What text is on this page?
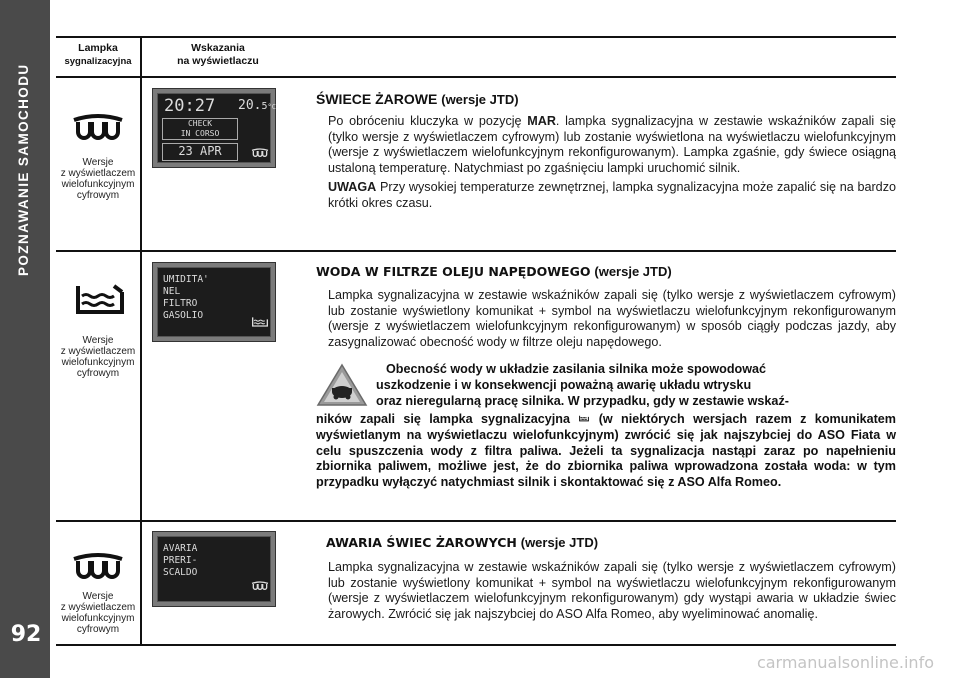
POZNAWANIE SAMOCHODU
92
Lampka
sygnalizacyjna
Wskazania
na wyświetlaczu
Wersje
z wyświetlaczem
wielofunkcyjnym
cyfrowym
20:27 20.5°C
CHECK
IN CORSO
23 APR
ŚWIECE ŻAROWE (wersje JTD)
Po obróceniu kluczyka w pozycję MAR. lampka sygnalizacyjna w zestawie wskaźników zapali się (tylko wersje z wyświetlaczem cyfrowym) lub zostanie wyświetlona na wyświetlaczu wielofunkcyjnym (wersje z wyświetlaczem wielofunkcyjnym rekonfigurowanym). Lampka zgaśnie, gdy świece osiągną ustaloną temperaturę. Natychmiast po zgaśnięciu lampki uruchomić silnik.
UWAGA Przy wysokiej temperaturze zewnętrznej, lampka sygnalizacyjna może zapalić się na bardzo krótki okres czasu.
Wersje
z wyświetlaczem
wielofunkcyjnym
cyfrowym
UMIDITA'
NEL
FILTRO
GASOLIO
WODA W FILTRZE OLEJU NAPĘDOWEGO (wersje JTD)
Lampka sygnalizacyjna w zestawie wskaźników zapali się (tylko wersje z wyświetlaczem cyfrowym) lub zostanie wyświetlony komunikat + symbol na wyświetlaczu wielofunkcyjnym rekonfigurowanym (wersje z wyświetlaczem wielofunkcyjnym rekonfigurowanym) w sposób ciągły podczas jazdy, aby zasygnalizować obecność wody w filtrze oleju napędowego.
Obecność wody w układzie zasilania silnika może spowodować
uszkodzenie i w konsekwencji poważną awarię układu wtrysku
oraz nieregularną pracę silnika. W przypadku, gdy w zestawie wskaź-
ników zapali się lampka sygnalizacyjna  (w niektórych wersjach razem z komunikatem wyświetlanym na wyświetlaczu wielofunkcyjnym) zwrócić się jak najszybciej do ASO Fiata w celu spuszczenia wody z filtra paliwa. Jeżeli ta sygnalizacja nastąpi zaraz po napełnieniu zbiornika paliwem, możliwe jest, że do zbiornika paliwa wprowadzona została woda: w tym przypadku wyłączyć natychmiast silnik i skontaktować się z ASO Alfa Romeo.
Wersje
z wyświetlaczem
wielofunkcyjnym
cyfrowym
AVARIA
PRERI-
SCALDO
AWARIA ŚWIEC ŻAROWYCH (wersje JTD)
Lampka sygnalizacyjna w zestawie wskaźników zapali się (tylko wersje z wyświetlaczem cyfrowym) lub zostanie wyświetlony komunikat + symbol na wyświetlaczu wielofunkcyjnym rekonfigurowanym (wersje z wyświetlaczem wielofunkcyjnym rekonfigurowanym) gdy wystąpi awaria w układzie świec żarowych. Zwrócić się jak najszybciej do ASO Alfa Romeo, aby wyeliminować anomalię.
carmanualsonline.info
